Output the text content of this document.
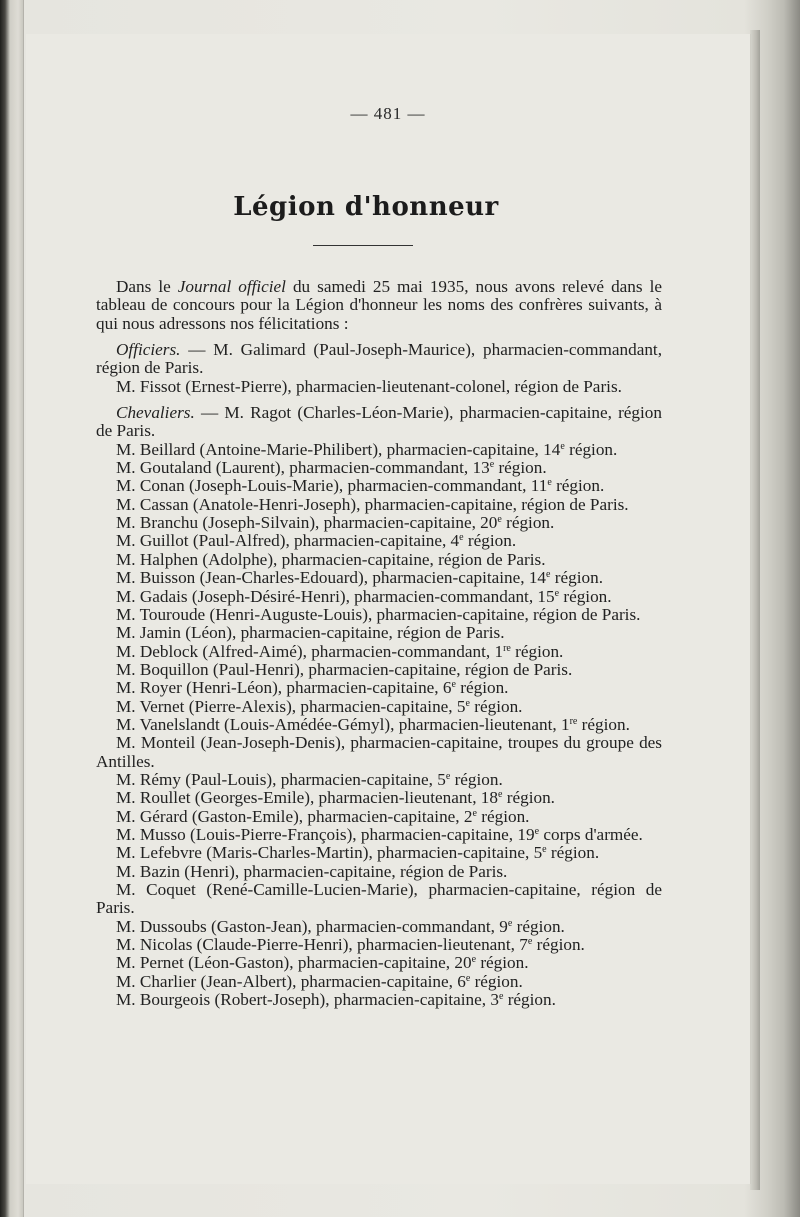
— 481 —
Légion d'honneur

Dans le Journal officiel du samedi 25 mai 1935, nous avons relevé dans le tableau de concours pour la Légion d'honneur les noms des confrères suivants, à qui nous adressons nos félicitations :

Officiers. — M. Galimard (Paul-Joseph-Maurice), pharmacien-commandant, région de Paris.

M. Fissot (Ernest-Pierre), pharmacien-lieutenant-colonel, région de Paris.

Chevaliers. — M. Ragot (Charles-Léon-Marie), pharmacien-capitaine, région de Paris.

M. Beillard (Antoine-Marie-Philibert), pharmacien-capitaine, 14e région.

M. Goutaland (Laurent), pharmacien-commandant, 13e région.

M. Conan (Joseph-Louis-Marie), pharmacien-commandant, 11e région.

M. Cassan (Anatole-Henri-Joseph), pharmacien-capitaine, région de Paris.

M. Branchu (Joseph-Silvain), pharmacien-capitaine, 20e région.

M. Guillot (Paul-Alfred), pharmacien-capitaine, 4e région.

M. Halphen (Adolphe), pharmacien-capitaine, région de Paris.

M. Buisson (Jean-Charles-Edouard), pharmacien-capitaine, 14e région.

M. Gadais (Joseph-Désiré-Henri), pharmacien-commandant, 15e région.

M. Touroude (Henri-Auguste-Louis), pharmacien-capitaine, région de Paris.

M. Jamin (Léon), pharmacien-capitaine, région de Paris.

M. Deblock (Alfred-Aimé), pharmacien-commandant, 1re région.

M. Boquillon (Paul-Henri), pharmacien-capitaine, région de Paris.

M. Royer (Henri-Léon), pharmacien-capitaine, 6e région.

M. Vernet (Pierre-Alexis), pharmacien-capitaine, 5e région.

M. Vanelslandt (Louis-Amédée-Gémyl), pharmacien-lieutenant, 1re région.

M. Monteil (Jean-Joseph-Denis), pharmacien-capitaine, troupes du groupe des Antilles.

M. Rémy (Paul-Louis), pharmacien-capitaine, 5e région.

M. Roullet (Georges-Emile), pharmacien-lieutenant, 18e région.

M. Gérard (Gaston-Emile), pharmacien-capitaine, 2e région.

M. Musso (Louis-Pierre-François), pharmacien-capitaine, 19e corps d'armée.

M. Lefebvre (Maris-Charles-Martin), pharmacien-capitaine, 5e région.

M. Bazin (Henri), pharmacien-capitaine, région de Paris.

M. Coquet (René-Camille-Lucien-Marie), pharmacien-capitaine, région de Paris.

M. Dussoubs (Gaston-Jean), pharmacien-commandant, 9e région.

M. Nicolas (Claude-Pierre-Henri), pharmacien-lieutenant, 7e région.

M. Pernet (Léon-Gaston), pharmacien-capitaine, 20e région.

M. Charlier (Jean-Albert), pharmacien-capitaine, 6e région.

M. Bourgeois (Robert-Joseph), pharmacien-capitaine, 3e région.
